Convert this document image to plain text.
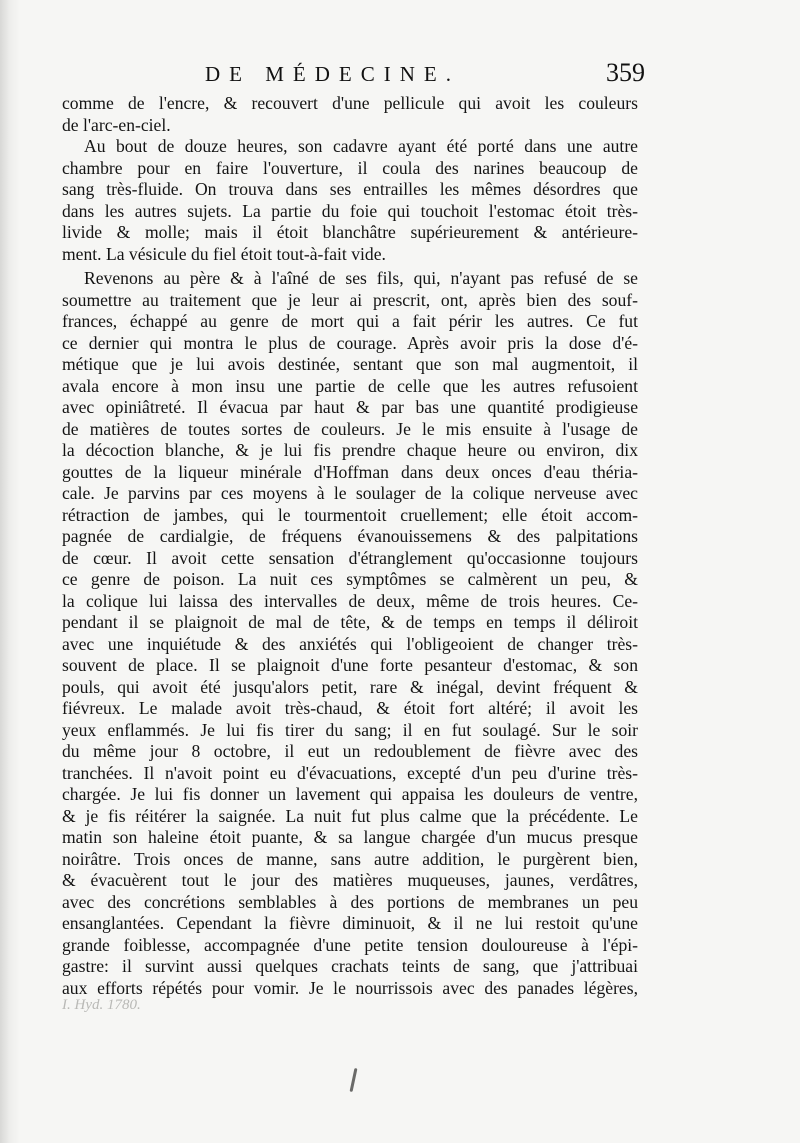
DE MÉDECINE.	359
comme de l'encre, & recouvert d'une pellicule qui avoit les couleurs
de l'arc-en-ciel.
Au bout de douze heures, son cadavre ayant été porté dans une autre
chambre pour en faire l'ouverture, il coula des narines beaucoup de
sang très-fluide. On trouva dans ses entrailles les mêmes désordres que
dans les autres sujets. La partie du foie qui touchoit l'estomac étoit très-
livide & molle; mais il étoit blanchâtre supérieurement & antérieure-
ment. La vésicule du fiel étoit tout-à-fait vide.
Revenons au père & à l'aîné de ses fils, qui, n'ayant pas refusé de se
soumettre au traitement que je leur ai prescrit, ont, après bien des souf-
frances, échappé au genre de mort qui a fait périr les autres. Ce fut
ce dernier qui montra le plus de courage. Après avoir pris la dose d'é-
métique que je lui avois destinée, sentant que son mal augmentoit, il
avala encore à mon insu une partie de celle que les autres refusoient
avec opiniâtreté. Il évacua par haut & par bas une quantité prodigieuse
de matières de toutes sortes de couleurs. Je le mis ensuite à l'usage de
la décoction blanche, & je lui fis prendre chaque heure ou environ, dix
gouttes de la liqueur minérale d'Hoffman dans deux onces d'eau théria-
cale. Je parvins par ces moyens à le soulager de la colique nerveuse avec
rétraction de jambes, qui le tourmentoit cruellement; elle étoit accom-
pagnée de cardialgie, de fréquens évanouissemens & des palpitations
de cœur. Il avoit cette sensation d'étranglement qu'occasionne toujours
ce genre de poison. La nuit ces symptômes se calmèrent un peu, &
la colique lui laissa des intervalles de deux, même de trois heures. Ce-
pendant il se plaignoit de mal de tête, & de temps en temps il déliroit
avec une inquiétude & des anxiétés qui l'obligeoient de changer très-
souvent de place. Il se plaignoit d'une forte pesanteur d'estomac, & son
pouls, qui avoit été jusqu'alors petit, rare & inégal, devint fréquent &
fiévreux. Le malade avoit très-chaud, & étoit fort altéré; il avoit les
yeux enflammés. Je lui fis tirer du sang; il en fut soulagé. Sur le soir
du même jour 8 octobre, il eut un redoublement de fièvre avec des
tranchées. Il n'avoit point eu d'évacuations, excepté d'un peu d'urine très-
chargée. Je lui fis donner un lavement qui appaisa les douleurs de ventre,
& je fis réitérer la saignée. La nuit fut plus calme que la précédente. Le
matin son haleine étoit puante, & sa langue chargée d'un mucus presque
noirâtre. Trois onces de manne, sans autre addition, le purgèrent bien,
& évacuèrent tout le jour des matières muqueuses, jaunes, verdâtres,
avec des concrétions semblables à des portions de membranes un peu
ensanglantées. Cependant la fièvre diminuoit, & il ne lui restoit qu'une
grande foiblesse, accompagnée d'une petite tension douloureuse à l'épi-
gastre: il survint aussi quelques crachats teints de sang, que j'attribuai
aux efforts répétés pour vomir. Je le nourrissois avec des panades légères,
I. Hyd. 1780.
